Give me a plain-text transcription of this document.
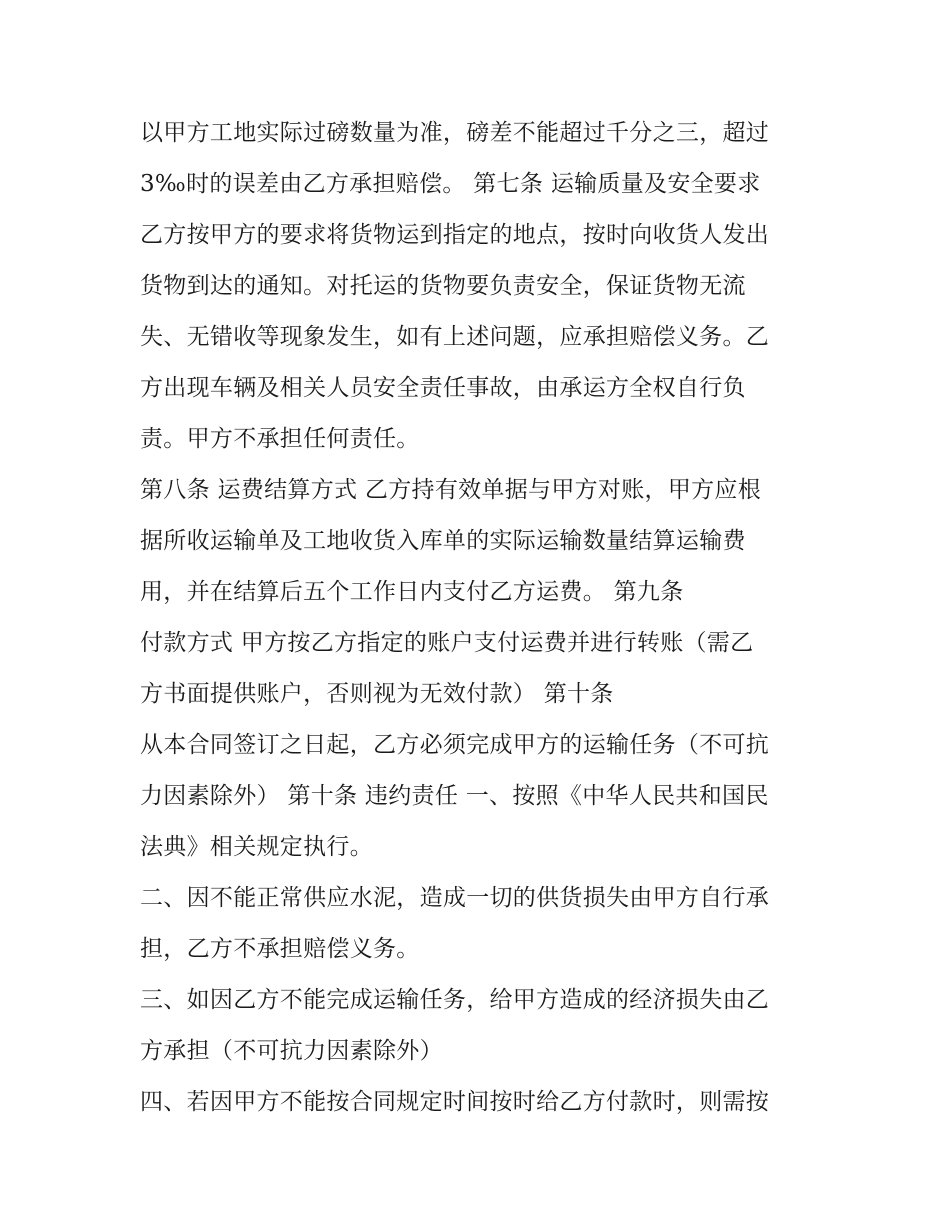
以甲方工地实际过磅数量为准，磅差不能超过千分之三，超过
3‰时的误差由乙方承担赔偿。 第七条 运输质量及安全要求
乙方按甲方的要求将货物运到指定的地点，按时向收货人发出
货物到达的通知。对托运的货物要负责安全，保证货物无流
失、无错收等现象发生，如有上述问题，应承担赔偿义务。乙
方出现车辆及相关人员安全责任事故，由承运方全权自行负
责。甲方不承担任何责任。
第八条 运费结算方式 乙方持有效单据与甲方对账，甲方应根
据所收运输单及工地收货入库单的实际运输数量结算运输费
用，并在结算后五个工作日内支付乙方运费。 第九条
付款方式 甲方按乙方指定的账户支付运费并进行转账（需乙
方书面提供账户，否则视为无效付款） 第十条
从本合同签订之日起，乙方必须完成甲方的运输任务（不可抗
力因素除外） 第十条 违约责任 一、按照《中华人民共和国民
法典》相关规定执行。
二、因不能正常供应水泥，造成一切的供货损失由甲方自行承
担，乙方不承担赔偿义务。
三、如因乙方不能完成运输任务，给甲方造成的经济损失由乙
方承担（不可抗力因素除外）
四、若因甲方不能按合同规定时间按时给乙方付款时，则需按
